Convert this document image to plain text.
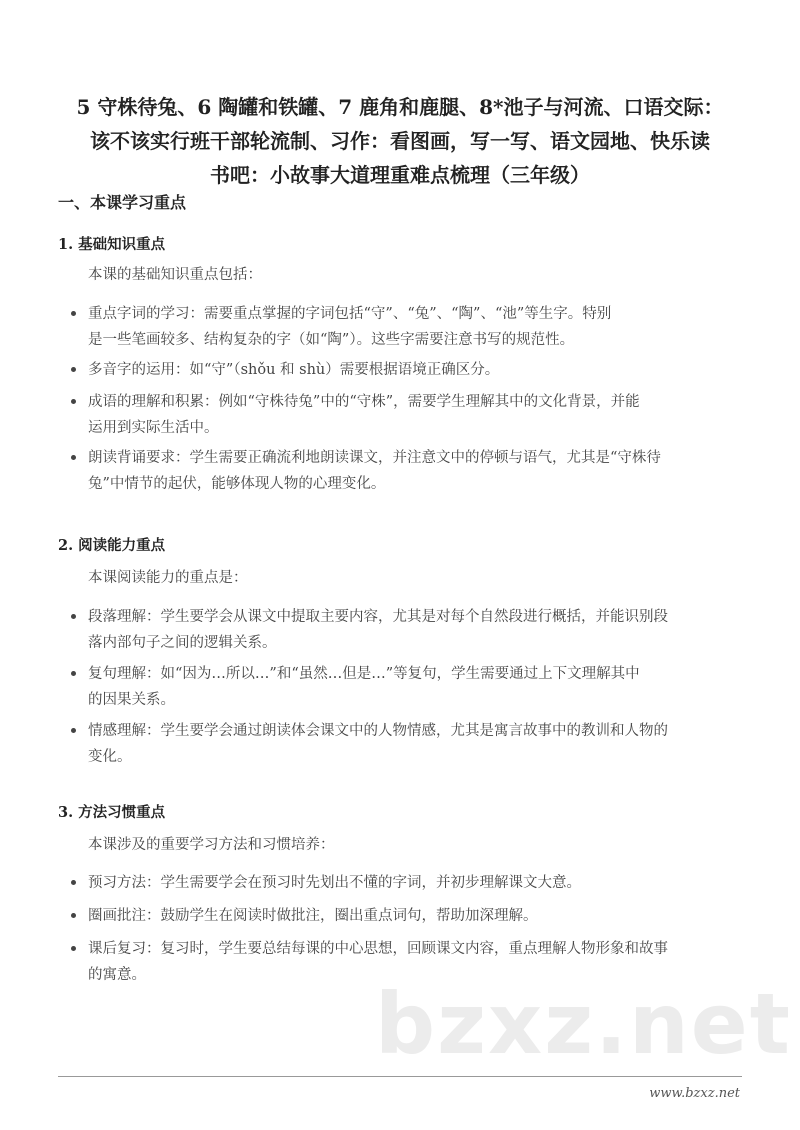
5 守株待兔、6 陶罐和铁罐、7 鹿角和鹿腿、8*池子与河流、口语交际：
该不该实行班干部轮流制、习作：看图画，写一写、语文园地、快乐读
书吧：小故事大道理重难点梳理（三年级）
一、本课学习重点
1. 基础知识重点
本课的基础知识重点包括：
重点字词的学习：需要重点掌握的字词包括“守”、“兔”、“陶”、“池”等生字。特别
是一些笔画较多、结构复杂的字（如“陶”）。这些字需要注意书写的规范性。
多音字的运用：如“守”（shǒu 和 shù）需要根据语境正确区分。
成语的理解和积累：例如“守株待兔”中的“守株”，需要学生理解其中的文化背景，并能
运用到实际生活中。
朗读背诵要求：学生需要正确流利地朗读课文，并注意文中的停顿与语气，尤其是“守株待
兔”中情节的起伏，能够体现人物的心理变化。
2. 阅读能力重点
本课阅读能力的重点是：
段落理解：学生要学会从课文中提取主要内容，尤其是对每个自然段进行概括，并能识别段
落内部句子之间的逻辑关系。
复句理解：如“因为…所以…”和“虽然…但是…”等复句，学生需要通过上下文理解其中
的因果关系。
情感理解：学生要学会通过朗读体会课文中的人物情感，尤其是寓言故事中的教训和人物的
变化。
3. 方法习惯重点
本课涉及的重要学习方法和习惯培养：
预习方法：学生需要学会在预习时先划出不懂的字词，并初步理解课文大意。
圈画批注：鼓励学生在阅读时做批注，圈出重点词句，帮助加深理解。
课后复习：复习时，学生要总结每课的中心思想，回顾课文内容，重点理解人物形象和故事
的寓意。	bzxz.net
www.bzxz.net
